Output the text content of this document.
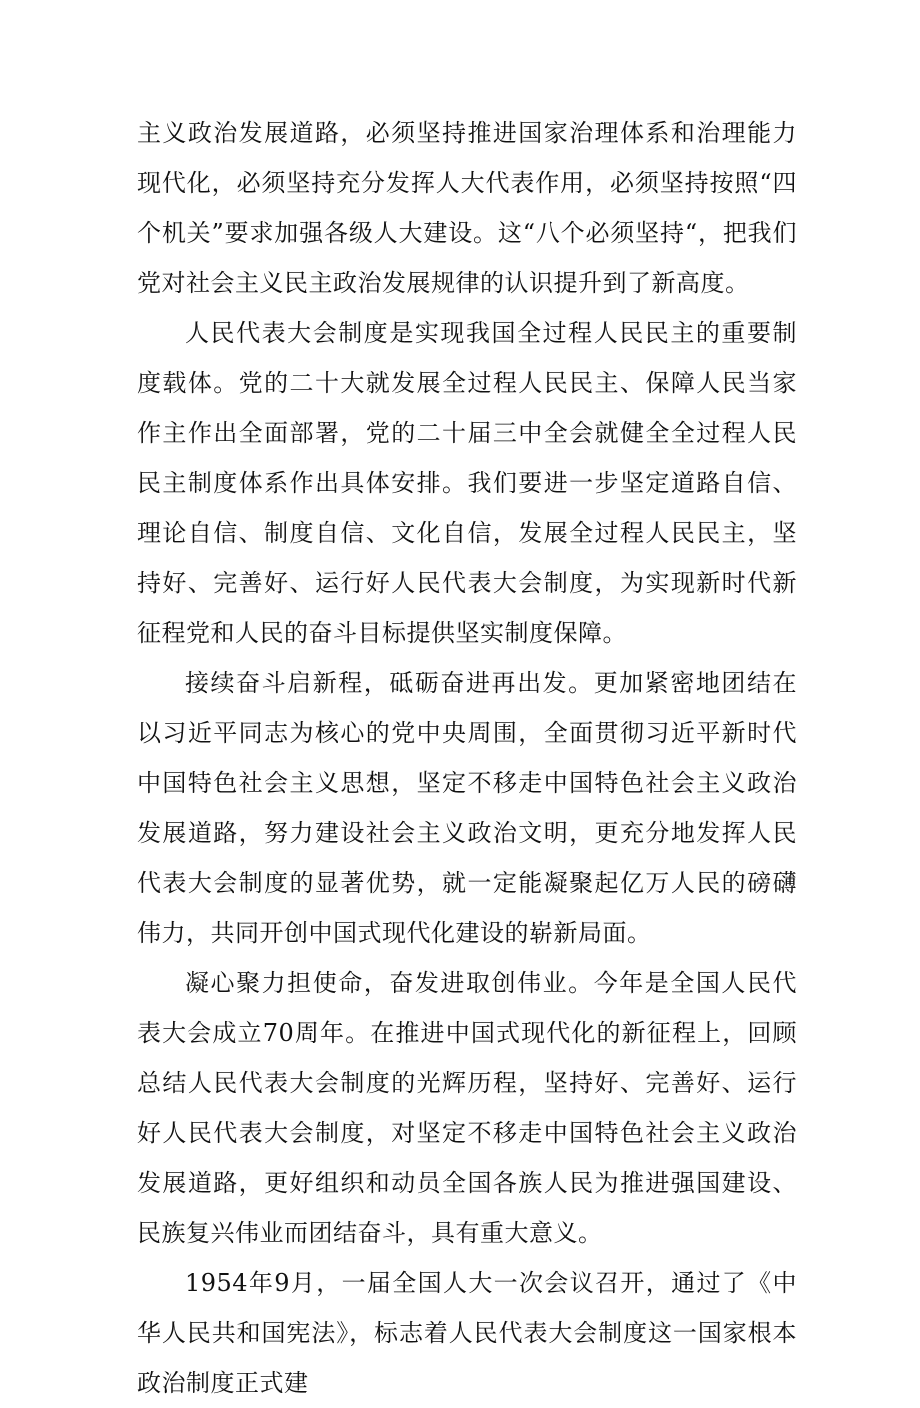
主义政治发展道路，必须坚持推进国家治理体系和治理能力现代化，必须坚持充分发挥人大代表作用，必须坚持按照“四个机关”要求加强各级人大建设。这“八个必须坚持“，把我们党对社会主义民主政治发展规律的认识提升到了新高度。

人民代表大会制度是实现我国全过程人民民主的重要制度载体。党的二十大就发展全过程人民民主、保障人民当家作主作出全面部署，党的二十届三中全会就健全全过程人民民主制度体系作出具体安排。我们要进一步坚定道路自信、理论自信、制度自信、文化自信，发展全过程人民民主，坚持好、完善好、运行好人民代表大会制度，为实现新时代新征程党和人民的奋斗目标提供坚实制度保障。

接续奋斗启新程，砥砺奋进再出发。更加紧密地团结在以习近平同志为核心的党中央周围，全面贯彻习近平新时代中国特色社会主义思想，坚定不移走中国特色社会主义政治发展道路，努力建设社会主义政治文明，更充分地发挥人民代表大会制度的显著优势，就一定能凝聚起亿万人民的磅礴伟力，共同开创中国式现代化建设的崭新局面。

凝心聚力担使命，奋发进取创伟业。今年是全国人民代表大会成立70周年。在推进中国式现代化的新征程上，回顾总结人民代表大会制度的光辉历程，坚持好、完善好、运行好人民代表大会制度，对坚定不移走中国特色社会主义政治发展道路，更好组织和动员全国各族人民为推进强国建设、民族复兴伟业而团结奋斗，具有重大意义。

1954年9月，一届全国人大一次会议召开，通过了《中华人民共和国宪法》，标志着人民代表大会制度这一国家根本政治制度正式建
